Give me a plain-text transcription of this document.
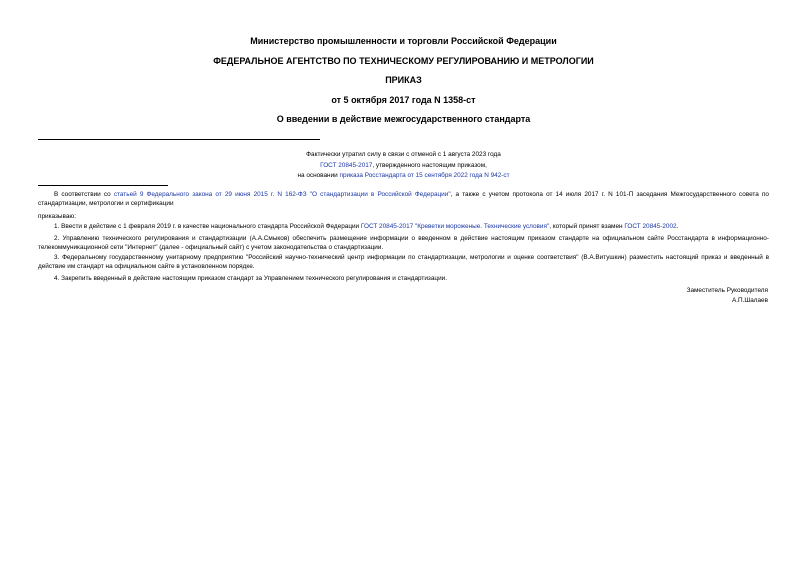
Министерство промышленности и торговли Российской Федерации
ФЕДЕРАЛЬНОЕ АГЕНТСТВО ПО ТЕХНИЧЕСКОМУ РЕГУЛИРОВАНИЮ И МЕТРОЛОГИИ
ПРИКАЗ
от 5 октября 2017 года N 1358-ст
О введении в действие межгосударственного стандарта
Фактически утратил силу в связи с отменой с 1 августа 2023 года
ГОСТ 20845-2017, утвержденного настоящим приказом,
на основании приказа Росстандарта от 15 сентября 2022 года N 942-ст
В соответствии со статьей 9 Федерального закона от 29 июня 2015 г. N 162-ФЗ "О стандартизации в Российской Федерации", а также с учетом протокола от 14 июля 2017 г. N 101-П заседания Межгосударственного совета по стандартизации, метрологии и сертификации
приказываю:
1. Ввести в действие с 1 февраля 2019 г. в качестве национального стандарта Российской Федерации ГОСТ 20845-2017 "Креветки мороженые. Технические условия", который принят взамен ГОСТ 20845-2002.
2. Управлению технического регулирования и стандартизации (А.А.Смыков) обеспечить размещение информации о введенном в действие настоящим приказом стандарте на официальном сайте Росстандарта в информационно-телекоммуникационной сети "Интернет" (далее - официальный сайт) с учетом законодательства о стандартизации.
3. Федеральному государственному унитарному предприятию "Российский научно-технический центр информации по стандартизации, метрологии и оценке соответствия" (В.А.Витушкин) разместить настоящий приказ и введенный в действие им стандарт на официальном сайте в установленном порядке.
4. Закрепить введенный в действие настоящим приказом стандарт за Управлением технического регулирования и стандартизации.
Заместитель Руководителя
А.П.Шалаев
